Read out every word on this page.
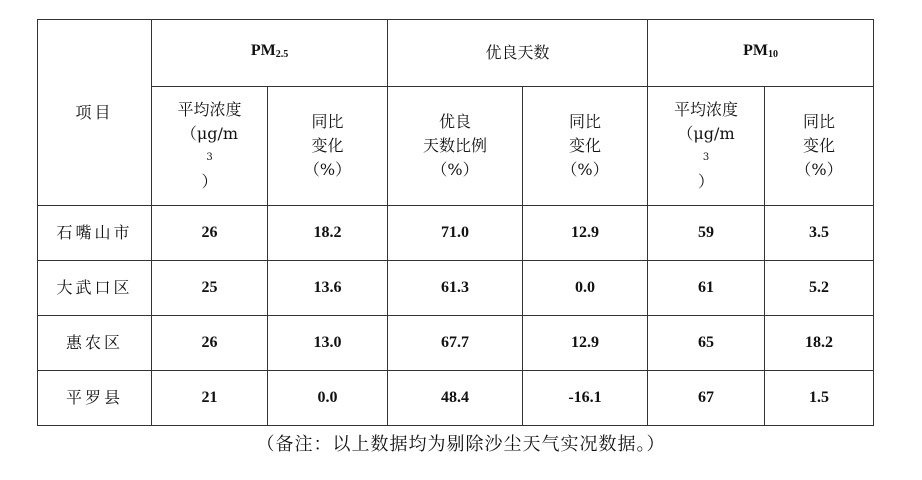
项目	$PM_{2.5}$		优良天数		$PM_{10}$

	平均浓度
（μg/m
3
）	同比
变化
（%）	优良
天数比例
（%）	同比
变化
（%）	平均浓度
（μg/m
3
）	同比
变化
（%）

石嘴山市	26	18.2	71.0	12.9	59	3.5
大武口区	25	13.6	61.3	0.0	61	5.2
惠农区	26	13.0	67.7	12.9	65	18.2
平罗县	21	0.0	48.4	-16.1	67	1.5
（备注：以上数据均为剔除沙尘天气实况数据。）
